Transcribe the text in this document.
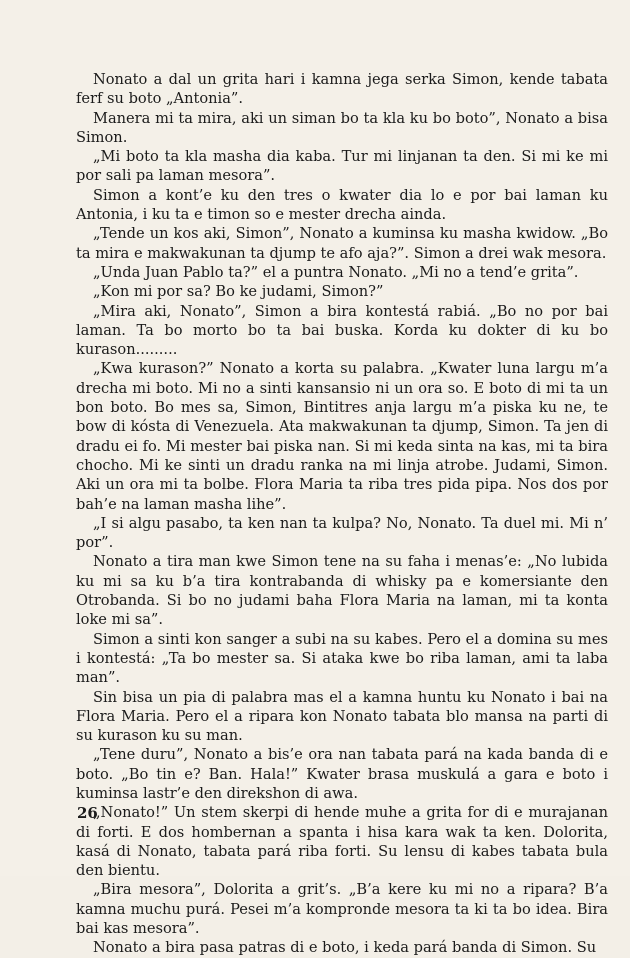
Nonato a dal un grita hari i kamna jega serka Simon, kende tabata ferf su boto „Antonia”.

Manera mi ta mira, aki un siman bo ta kla ku bo boto”, Nonato a bisa Simon.

„Mi boto ta kla masha dia kaba. Tur mi linjanan ta den. Si mi ke mi por sali pa laman mesora”.

Simon a kont’e ku den tres o kwater dia lo e por bai laman ku Antonia, i ku ta e timon so e mester drecha ainda.

„Tende un kos aki, Simon”, Nonato a kuminsa ku masha kwidow. „Bo ta mira e makwakunan ta djump te afo aja?”. Simon a drei wak mesora.

„Unda Juan Pablo ta?” el a puntra Nonato. „Mi no a tend’e grita”.

„Kon mi por sa? Bo ke judami, Simon?”

„Mira aki, Nonato”, Simon a bira kontestá rabiá. „Bo no por bai laman. Ta bo morto bo ta bai buska. Korda ku dokter di ku bo kurason.........

„Kwa kurason?” Nonato a korta su palabra. „Kwater luna largu m’a drecha mi boto. Mi no a sinti kansansio ni un ora so. E boto di mi ta un bon boto. Bo mes sa, Simon, Bintitres anja largu m’a piska ku ne, te bow di kósta di Venezuela. Ata makwakunan ta djump, Simon. Ta jen di dradu ei fo. Mi mester bai piska nan. Si mi keda sinta na kas, mi ta bira chocho. Mi ke sinti un dradu ranka na mi linja atrobe. Judami, Simon. Aki un ora mi ta bolbe. Flora Maria ta riba tres pida pipa. Nos dos por bah’e na laman masha lihe”.

„I si algu pasabo, ta ken nan ta kulpa? No, Nonato. Ta duel mi. Mi n’ por”.

Nonato a tira man kwe Simon tene na su faha i menas’e: „No lubida ku mi sa ku b’a tira kontrabanda di whisky pa e komersiante den Otrobanda. Si bo no judami baha Flora Maria na laman, mi ta konta loke mi sa”.

Simon a sinti kon sanger a subi na su kabes. Pero el a domina su mes i kontestá: „Ta bo mester sa. Si ataka kwe bo riba laman, ami ta laba man”.

Sin bisa un pia di palabra mas el a kamna huntu ku Nonato i bai na Flora Maria. Pero el a ripara kon Nonato tabata blo mansa na parti di su kurason ku su man.

„Tene duru”, Nonato a bis’e ora nan tabata pará na kada banda di e boto. „Bo tin e? Ban. Hala!” Kwater brasa muskulá a gara e boto i kuminsa lastr’e den direkshon di awa.

„Nonato!” Un stem skerpi di hende muhe a grita for di e murajanan di forti. E dos hombernan a spanta i hisa kara wak ta ken. Dolorita, kasá di Nonato, tabata pará riba forti. Su lensu di kabes tabata bula den bientu.

„Bira mesora”, Dolorita a grit’s. „B’a kere ku mi no a ripara? B’a kamna muchu purá. Pesei m’a kompronde mesora ta ki ta bo idea. Bira bai kas mesora”.

Nonato a bira pasa patras di e boto, i keda pará banda di Simon. Su

26
